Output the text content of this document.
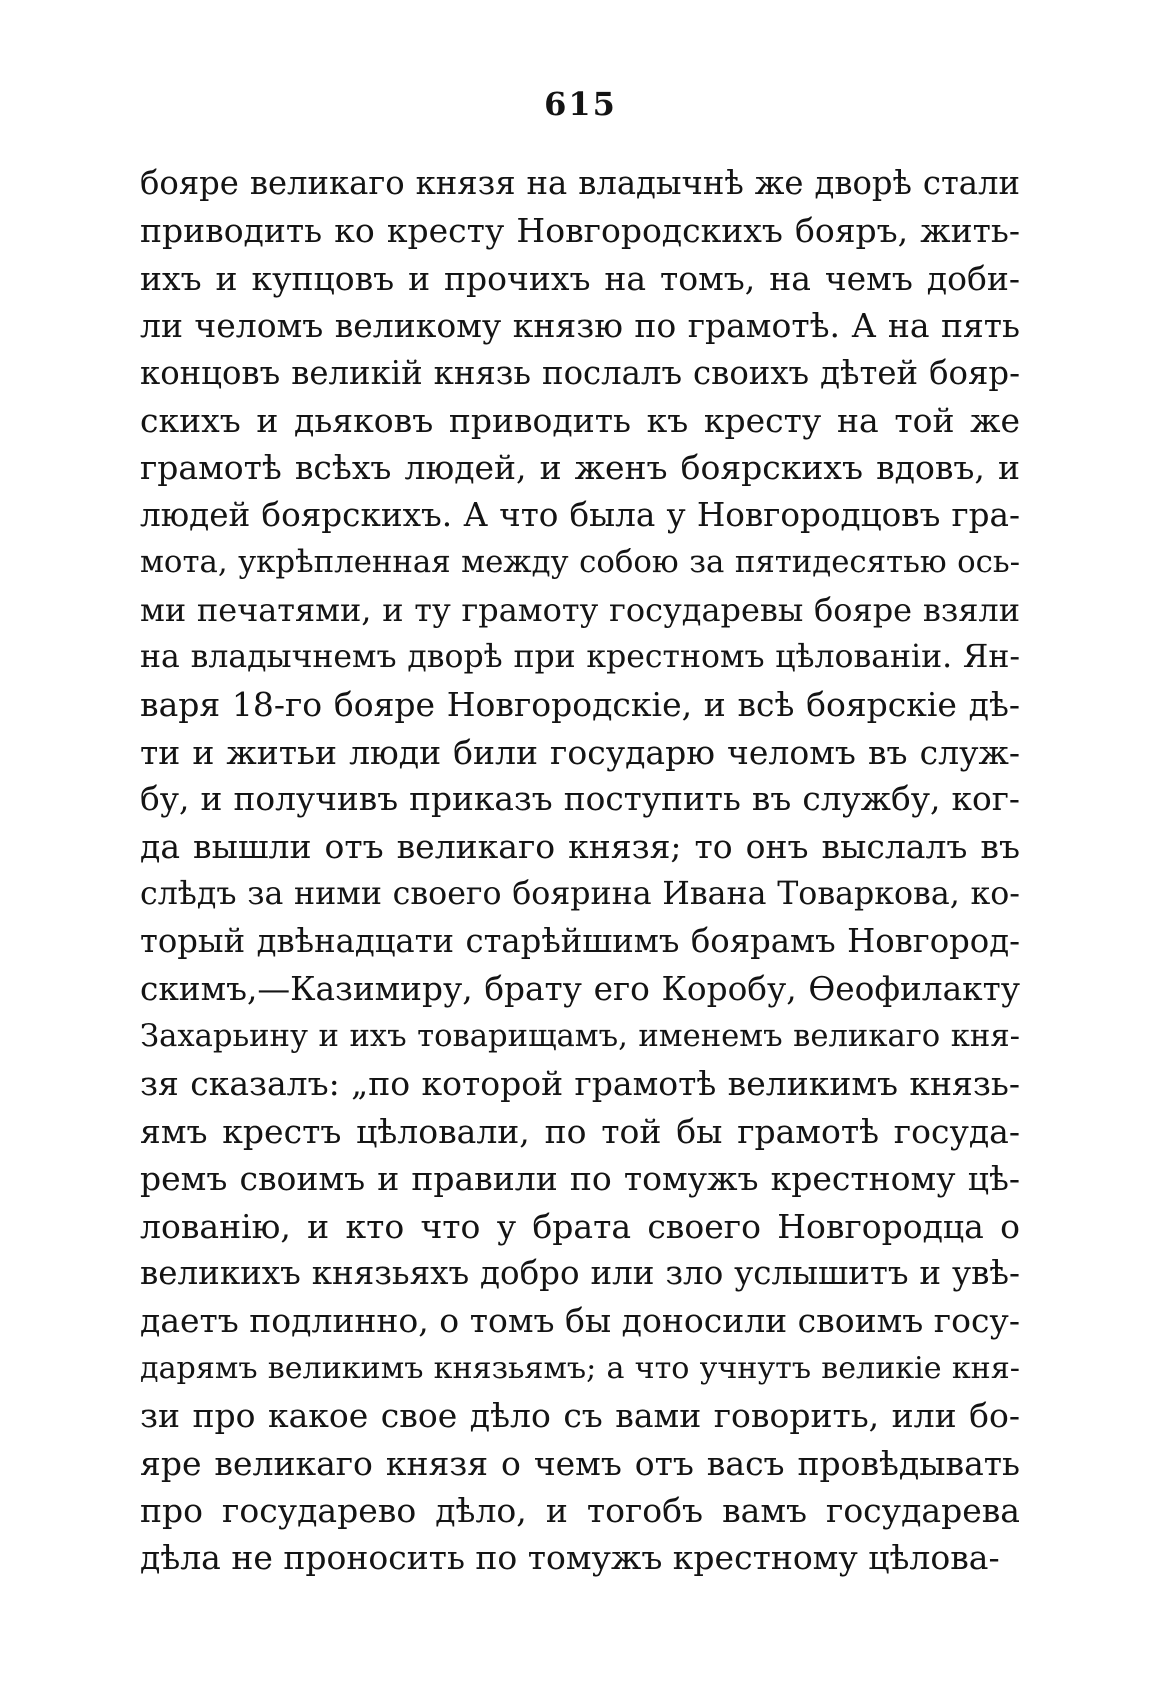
615
бояре великаго князя на владычнѣ же дворѣ стали
приводить ко кресту Новгородскихъ бояръ, жить-
ихъ и купцовъ и прочихъ на томъ, на чемъ доби-
ли челомъ великому князю по грамотѣ. А на пять
концовъ великій князь послалъ своихъ дѣтей бояр-
скихъ и дьяковъ приводить къ кресту на той же
грамотѣ всѣхъ людей, и женъ боярскихъ вдовъ, и
людей боярскихъ. А что была у Новгородцовъ гра-
мота, укрѣпленная между собою за пятидесятью ось-
ми печатями, и ту грамоту государевы бояре взяли
на владычнемъ дворѣ при крестномъ цѣлованіи. Ян-
варя 18-го бояре Новгородскіе, и всѣ боярскіе дѣ-
ти и житьи люди били государю челомъ въ служ-
бу, и получивъ приказъ поступить въ службу, ког-
да вышли отъ великаго князя; то онъ выслалъ въ
слѣдъ за ними своего боярина Ивана Товаркова, ко-
торый двѣнадцати старѣйшимъ боярамъ Новгород-
скимъ,—Казимиру, брату его Коробу, Ѳеофилакту
Захарьину и ихъ товарищамъ, именемъ великаго кня-
зя сказалъ: „по которой грамотѣ великимъ князь-
ямъ крестъ цѣловали, по той бы грамотѣ госуда-
ремъ своимъ и правили по томужъ крестному цѣ-
лованію, и кто что у брата своего Новгородца о
великихъ князьяхъ добро или зло услышитъ и увѣ-
даетъ подлинно, о томъ бы доносили своимъ госу-
дарямъ великимъ князьямъ; а что учнутъ великіе кня-
зи про какое свое дѣло съ вами говорить, или бо-
яре великаго князя о чемъ отъ васъ провѣдывать
про государево дѣло, и тогобъ вамъ государева
дѣла не проносить по томужъ крестному цѣлова-
